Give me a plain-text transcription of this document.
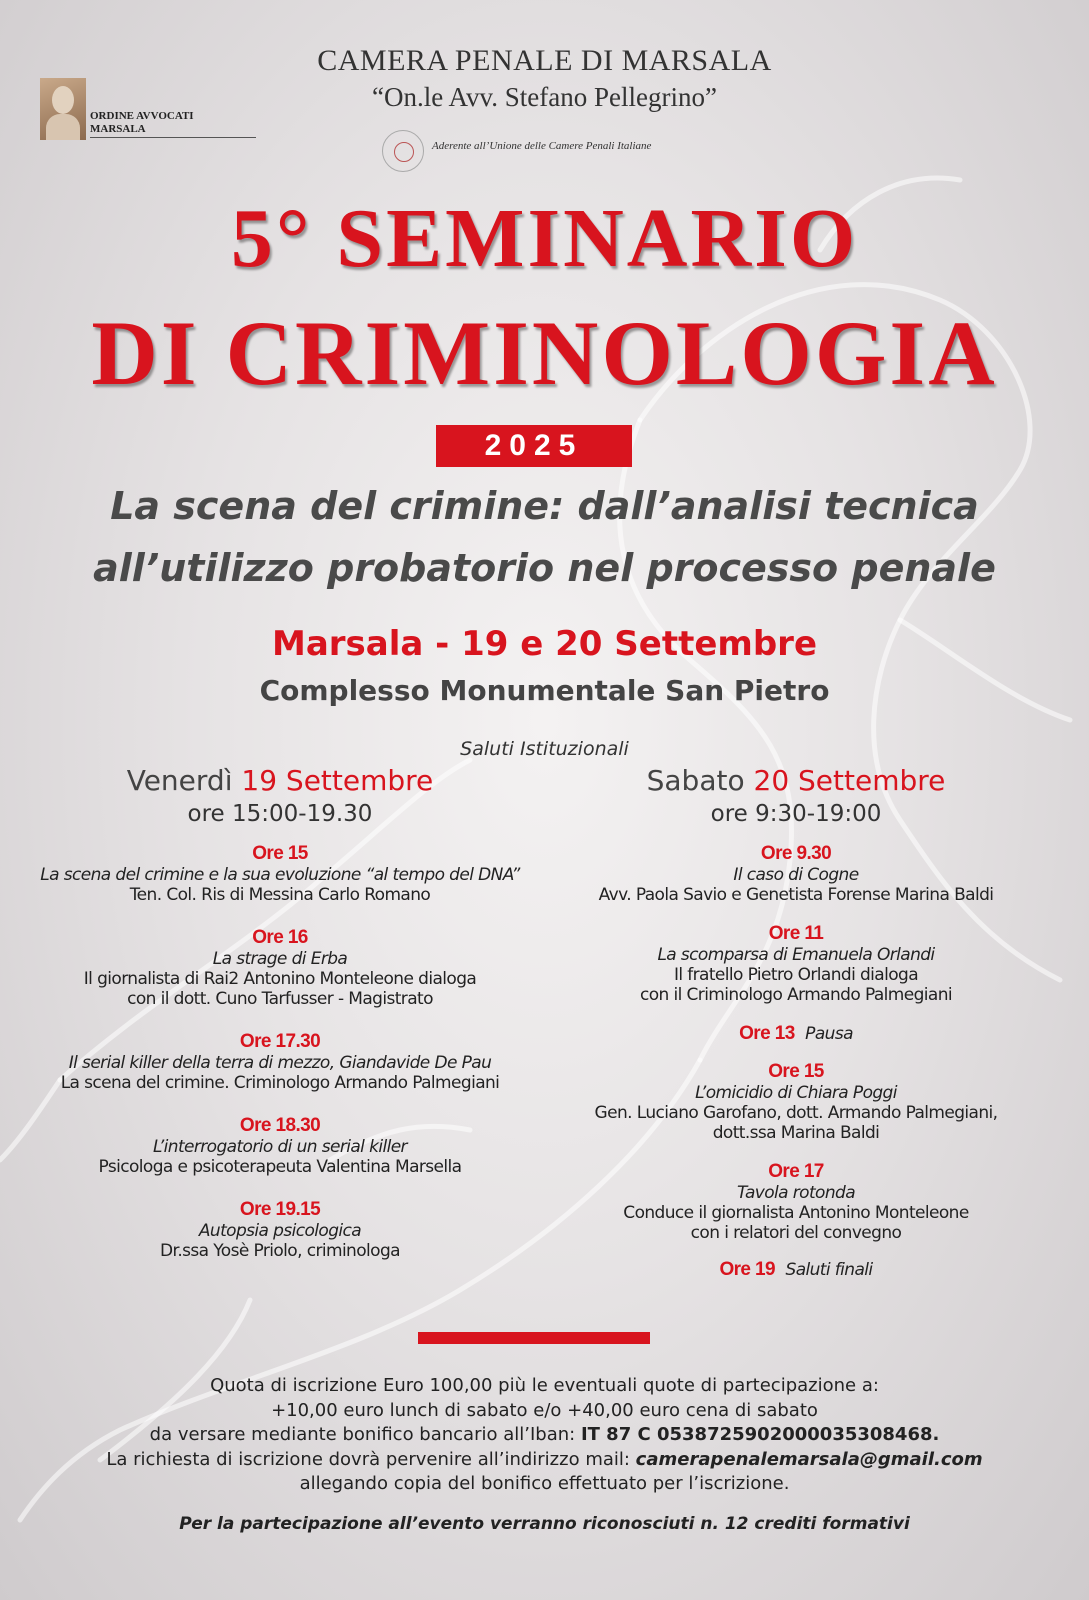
ORDINE AVVOCATI
MARSALA
CAMERA PENALE DI MARSALA
“On.le Avv. Stefano Pellegrino”
Aderente all’Unione delle Camere Penali Italiane
5° SEMINARIO
DI CRIMINOLOGIA
2025
La scena del crimine: dall’analisi tecnica
all’utilizzo probatorio nel processo penale
Marsala - 19 e 20 Settembre
Complesso Monumentale San Pietro
Saluti Istituzionali
Venerdì 19 Settembre
ore 15:00-19.30
Ore 15
La scena del crimine e la sua evoluzione “al tempo del DNA”
Ten. Col. Ris di Messina Carlo Romano
Ore 16
La strage di Erba
Il giornalista di Rai2 Antonino Monteleone dialoga
con il dott. Cuno Tarfusser - Magistrato
Ore 17.30
Il serial killer della terra di mezzo, Giandavide De Pau
La scena del crimine. Criminologo Armando Palmegiani
Ore 18.30
L’interrogatorio di un serial killer
Psicologa e psicoterapeuta Valentina Marsella
Ore 19.15
Autopsia psicologica
Dr.ssa Yosè Priolo, criminologa
Sabato 20 Settembre
ore 9:30-19:00
Ore 9.30
Il caso di Cogne
Avv. Paola Savio e Genetista Forense Marina Baldi
Ore 11
La scomparsa di Emanuela Orlandi
Il fratello Pietro Orlandi dialoga
con il Criminologo Armando Palmegiani
Ore 13 Pausa
Ore 15
L’omicidio di Chiara Poggi
Gen. Luciano Garofano, dott. Armando Palmegiani,
dott.ssa Marina Baldi
Ore 17
Tavola rotonda
Conduce il giornalista Antonino Monteleone
con i relatori del convegno
Ore 19 Saluti finali
Quota di iscrizione Euro 100,00 più le eventuali quote di partecipazione a:
+10,00 euro lunch di sabato e/o +40,00 euro cena di sabato
da versare mediante bonifico bancario all’Iban: IT 87 C 0538725902000035308468.
La richiesta di iscrizione dovrà pervenire all’indirizzo mail: camerapenalemarsala@gmail.com
allegando copia del bonifico effettuato per l’iscrizione.
Per la partecipazione all’evento verranno riconosciuti n. 12 crediti formativi
